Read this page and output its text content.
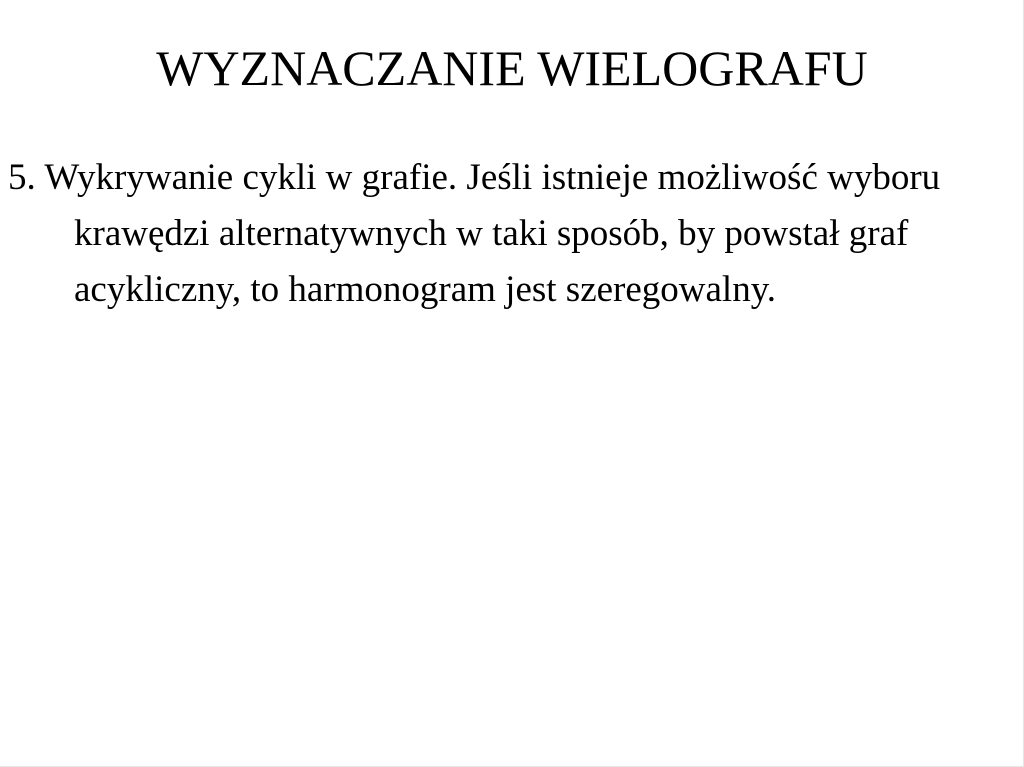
WYZNACZANIE WIELOGRAFU

5. Wykrywanie cykli w grafie. Jeśli istnieje możliwość wyboru krawędzi alternatywnych w taki sposób, by powstał graf acykliczny, to harmonogram jest szeregowalny.
